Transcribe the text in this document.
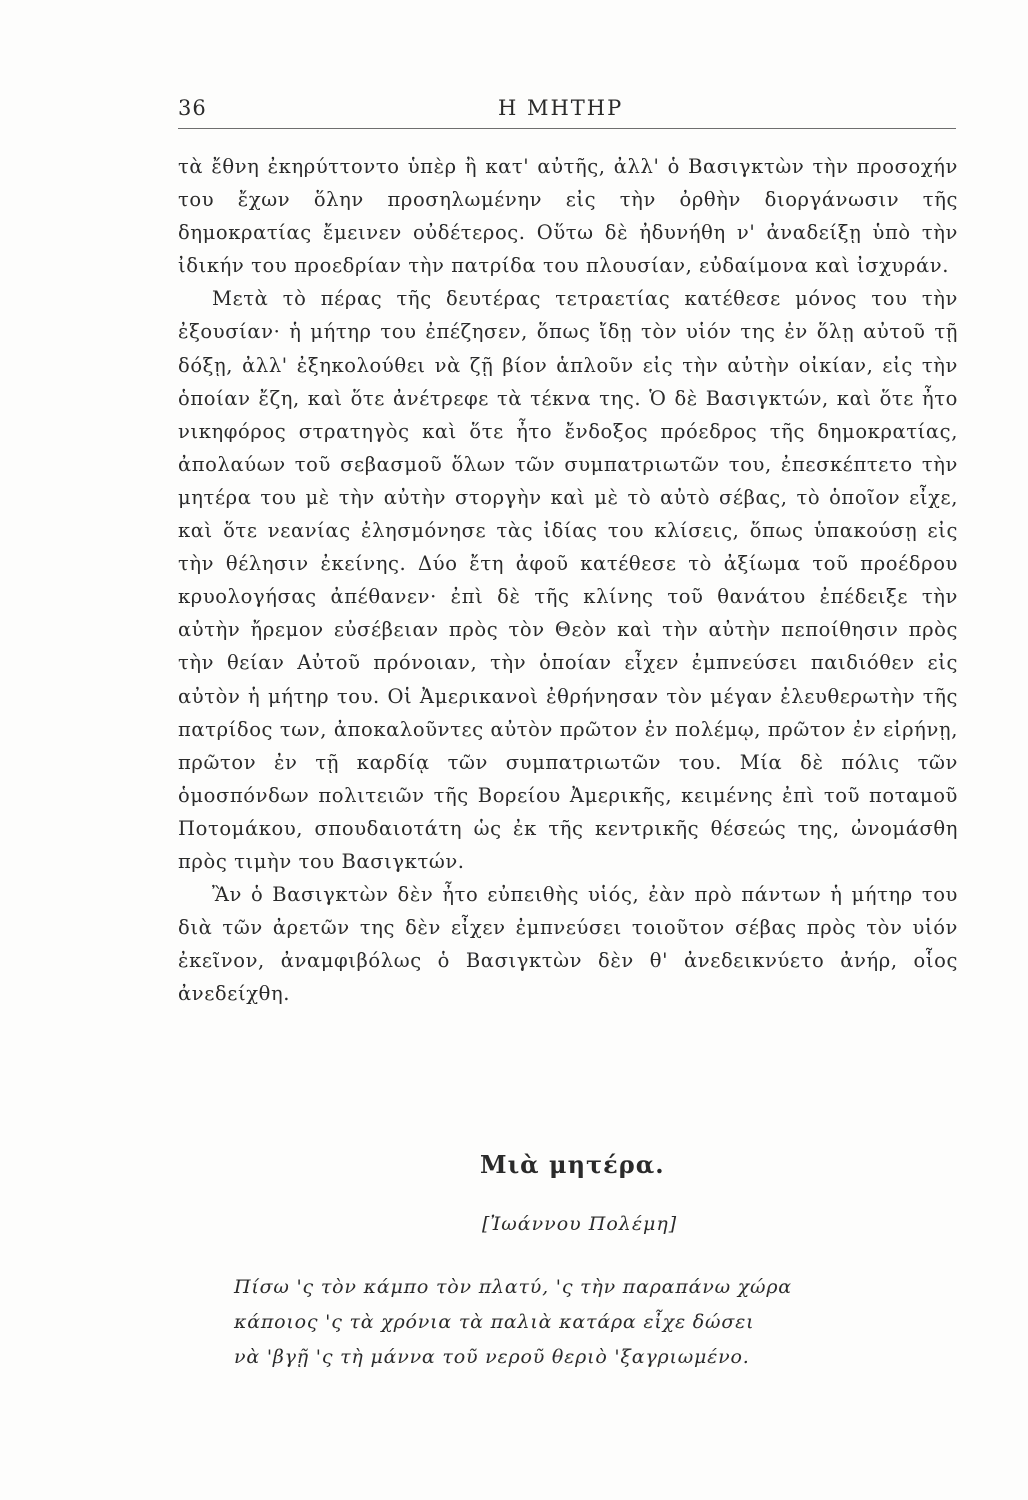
36	Η ΜΗΤΗΡ

τὰ ἔθνη ἐκηρύττοντο ὑπὲρ ἢ κατ' αὐτῆς, ἀλλ' ὁ Βασιγκτὼν τὴν προσοχήν του ἔχων ὅλην προσηλωμένην εἰς τὴν ὀρθὴν διοργάνωσιν τῆς δημοκρατίας ἔμεινεν οὐδέτερος. Οὕτω δὲ ἠδυνήθη ν' ἀναδείξῃ ὑπὸ τὴν ἰδικήν του προεδρίαν τὴν πατρίδα του πλουσίαν, εὐδαίμονα καὶ ἰσχυράν.

Μετὰ τὸ πέρας τῆς δευτέρας τετραετίας κατέθεσε μόνος του τὴν ἐξουσίαν· ἡ μήτηρ του ἐπέζησεν, ὅπως ἴδῃ τὸν υἱόν της ἐν ὅλῃ αὐτοῦ τῇ δόξῃ, ἀλλ' ἐξηκολούθει νὰ ζῇ βίον ἁπλοῦν εἰς τὴν αὐτὴν οἰκίαν, εἰς τὴν ὁποίαν ἔζη, καὶ ὅτε ἀνέτρεφε τὰ τέκνα της. Ὁ δὲ Βασιγκτών, καὶ ὅτε ἦτο νικηφόρος στρατηγὸς καὶ ὅτε ἦτο ἔνδοξος πρόεδρος τῆς δημοκρατίας, ἀπολαύων τοῦ σεβασμοῦ ὅλων τῶν συμπατριωτῶν του, ἐπεσκέπτετο τὴν μητέρα του μὲ τὴν αὐτὴν στοργὴν καὶ μὲ τὸ αὐτὸ σέβας, τὸ ὁποῖον εἶχε, καὶ ὅτε νεανίας ἐλησμόνησε τὰς ἰδίας του κλίσεις, ὅπως ὑπακούσῃ εἰς τὴν θέλησιν ἐκείνης. Δύο ἔτη ἀφοῦ κατέθεσε τὸ ἀξίωμα τοῦ προέδρου κρυολογήσας ἀπέθανεν· ἐπὶ δὲ τῆς κλίνης τοῦ θανάτου ἐπέδειξε τὴν αὐτὴν ἤρεμον εὐσέβειαν πρὸς τὸν Θεὸν καὶ τὴν αὐτὴν πεποίθησιν πρὸς τὴν θείαν Αὐτοῦ πρόνοιαν, τὴν ὁποίαν εἶχεν ἐμπνεύσει παιδιόθεν εἰς αὐτὸν ἡ μήτηρ του. Οἱ Ἀμερικανοὶ ἐθρήνησαν τὸν μέγαν ἐλευθερωτὴν τῆς πατρίδος των, ἀποκαλοῦντες αὐτὸν πρῶτον ἐν πολέμῳ, πρῶτον ἐν εἰρήνῃ, πρῶτον ἐν τῇ καρδίᾳ τῶν συμπατριωτῶν του. Μία δὲ πόλις τῶν ὁμοσπόνδων πολιτειῶν τῆς Βορείου Ἀμερικῆς, κειμένης ἐπὶ τοῦ ποταμοῦ Ποτομάκου, σπουδαιοτάτη ὡς ἐκ τῆς κεντρικῆς θέσεώς της, ὠνομάσθη πρὸς τιμὴν του Βασιγκτών.

Ἂν ὁ Βασιγκτὼν δὲν ἦτο εὐπειθὴς υἱός, ἐὰν πρὸ πάντων ἡ μήτηρ του διὰ τῶν ἀρετῶν της δὲν εἶχεν ἐμπνεύσει τοιοῦτον σέβας πρὸς τὸν υἱόν ἐκεῖνον, ἀναμφιβόλως ὁ Βασιγκτὼν δὲν θ' ἀνεδεικνύετο ἀνήρ, οἷος ἀνεδείχθη.

Μιὰ μητέρα.
[Ἰωάννου Πολέμη]
Πίσω 'ς τὸν κάμπο τὸν πλατύ, 'ς τὴν παραπάνω χώρα
κάποιος 'ς τὰ χρόνια τὰ παλιὰ κατάρα εἶχε δώσει
νὰ 'βγῇ 'ς τὴ μάννα τοῦ νεροῦ θεριὸ 'ξαγριωμένο.
